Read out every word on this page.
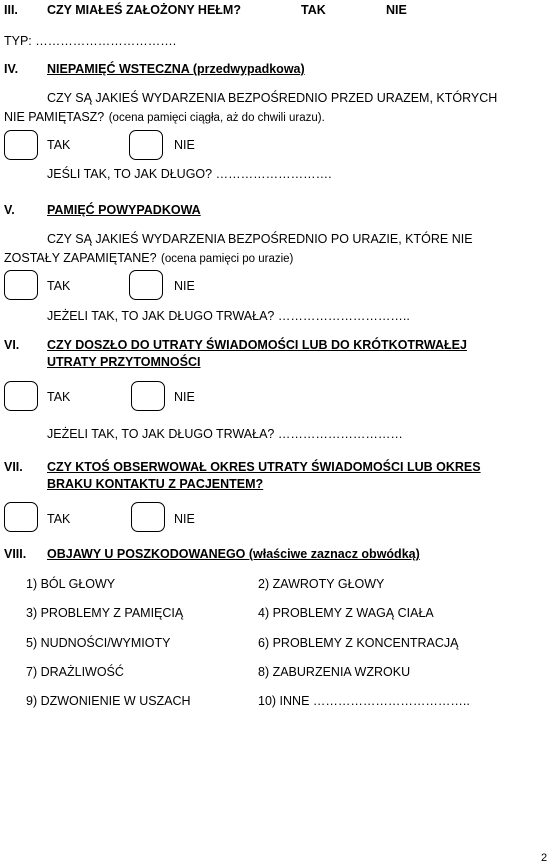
III. CZY MIAŁEŚ ZAŁOŻONY HEŁM?	TAK	NIE
TYP: …………………………….
IV. NIEPAMIĘĆ WSTECZNA (przedwypadkowa)
CZY SĄ JAKIEŚ WYDARZENIA BEZPOŚREDNIO PRZED URAZEM, KTÓRYCH
NIE PAMIĘTASZ? (ocena pamięci ciągła, aż do chwili urazu).
TAK	NIE
JEŚLI TAK, TO JAK DŁUGO? ……………………….
V.	PAMIĘĆ POWYPADKOWA
CZY SĄ JAKIEŚ WYDARZENIA BEZPOŚREDNIO PO URAZIE, KTÓRE NIE
ZOSTAŁY ZAPAMIĘTANE? (ocena pamięci po urazie)
TAK	NIE
JEŻELI TAK, TO JAK DŁUGO TRWAŁA? …………………………..
VI. CZY DOSZŁO DO UTRATY ŚWIADOMOŚCI LUB DO KRÓTKOTRWAŁEJ
UTRATY PRZYTOMNOŚCI
TAK	NIE
JEŻELI TAK, TO JAK DŁUGO TRWAŁA? …………………………
VII. CZY KTOŚ OBSERWOWAŁ OKRES UTRATY ŚWIADOMOŚCI LUB OKRES
BRAKU KONTAKTU Z PACJENTEM?
TAK	NIE
VIII. OBJAWY U POSZKODOWANEGO (właściwe zaznacz obwódką)
1) BÓL GŁOWY	2) ZAWROTY GŁOWY
3) PROBLEMY Z PAMIĘCIĄ	4) PROBLEMY Z WAGĄ CIAŁA
5) NUDNOŚCI/WYMIOTY	6) PROBLEMY Z KONCENTRACJĄ
7) DRAŻLIWOŚĆ	8) ZABURZENIA WZROKU
9) DZWONIENIE W USZACH	10) INNE ………………………………..
2
